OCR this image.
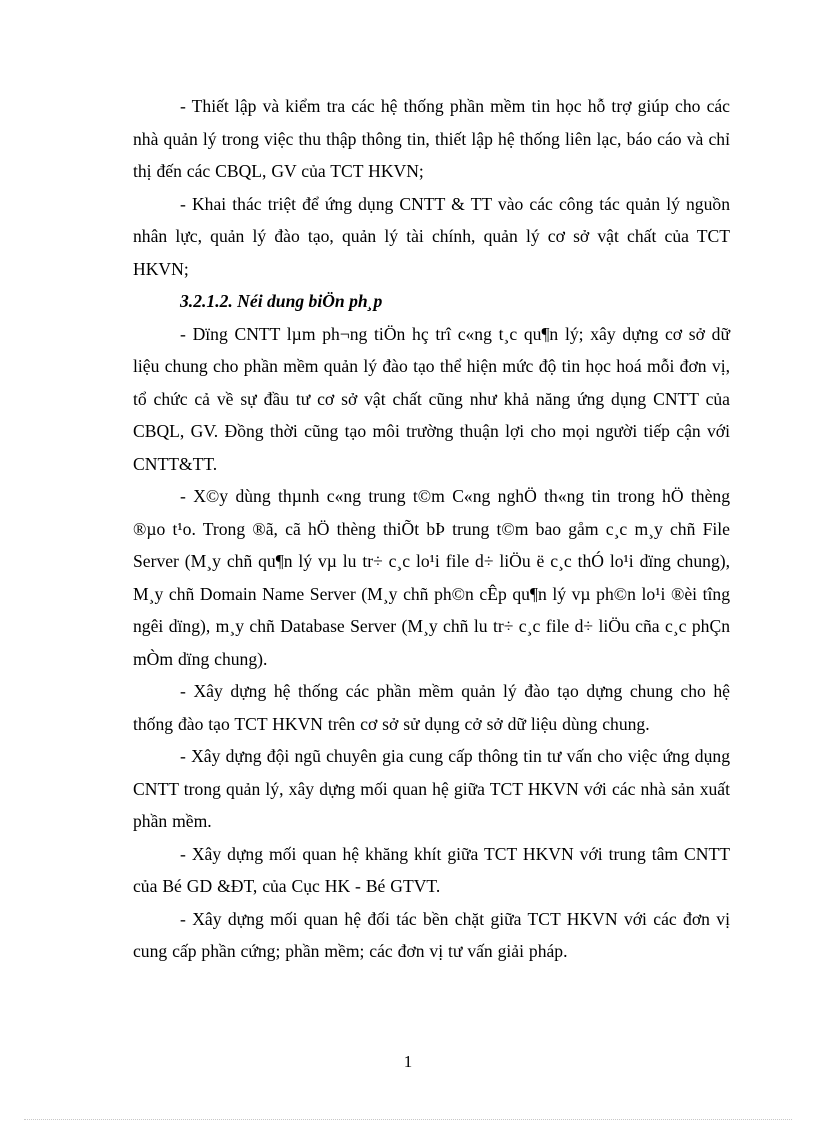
- Thiết lập và kiểm tra các hệ thống phần mềm tin học hỗ trợ giúp cho các nhà quản lý trong việc thu thập thông tin, thiết lập hệ thống liên lạc, báo cáo và chỉ thị đến các CBQL, GV của TCT HKVN;

- Khai thác triệt để ứng dụng CNTT & TT vào các công tác quản lý nguồn nhân lực, quản lý đào tạo, quản lý tài chính, quản lý cơ sở vật chất của TCT HKVN;

3.2.1.2. Néi dung biÖn ph¸p

- Dïng CNTT lµm ph¬ng tiÖn hç trî c«ng t¸c qu¶n lý; xây dựng cơ sở dữ liệu chung cho phần mềm quản lý đào tạo thể hiện mức độ tin học hoá mỗi đơn vị, tổ chức cả về sự đầu tư cơ sở vật chất cũng như khả năng ứng dụng CNTT của CBQL, GV. Đồng thời cũng tạo môi trường thuận lợi cho mọi người tiếp cận với CNTT&TT.

- X©y dùng thµnh c«ng trung t©m C«ng nghÖ th«ng tin trong hÖ thèng ®µo t¹o. Trong ®ã, cã hÖ thèng thiÕt bÞ trung t©m bao gåm c¸c m¸y chñ File Server (M¸y chñ qu¶n lý vµ lu tr÷ c¸c lo¹i file d÷ liÖu ë c¸c thÓ lo¹i dïng chung), M¸y chñ Domain Name Server (M¸y chñ ph©n cÊp qu¶n lý vµ ph©n lo¹i ®èi tîng ngêi dïng), m¸y chñ Database Server (M¸y chñ lu tr÷ c¸c file d÷ liÖu cña c¸c phÇn mÒm dïng chung).

- Xây dựng hệ thống các phần mềm quản lý đào tạo dựng chung cho hệ thống đào tạo TCT HKVN trên cơ sở sử dụng cở sở dữ liệu dùng chung.

- Xây dựng đội ngũ chuyên gia cung cấp thông tin tư vấn cho việc ứng dụng CNTT trong quản lý, xây dựng mối quan hệ giữa TCT HKVN với các nhà sản xuất phần mềm.

- Xây dựng mối quan hệ khăng khít giữa TCT HKVN với trung tâm CNTT của Bé GD &ĐT, của Cục HK - Bé GTVT.

- Xây dựng mối quan hệ đối tác bền chặt giữa TCT HKVN với các đơn vị cung cấp phần cứng; phần mềm; các đơn vị tư vấn giải pháp.

1
